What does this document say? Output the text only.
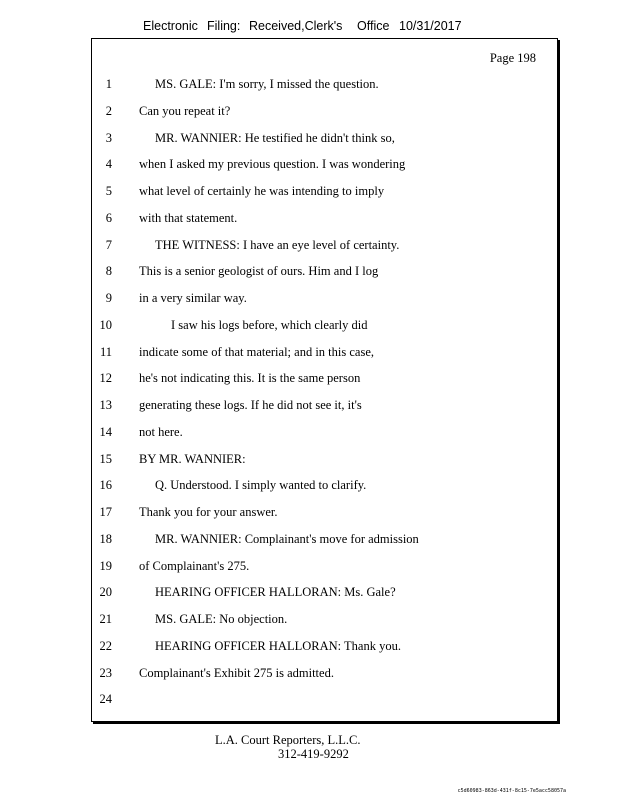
Electronic Filing: Received,Clerk's Office 10/31/2017
Page 198
1	MS. GALE: I'm sorry, I missed the question.
2 Can you repeat it?
3	MR. WANNIER: He testified he didn't think so,
4 when I asked my previous question. I was wondering
5 what level of certainly he was intending to imply
6 with that statement.
7	THE WITNESS: I have an eye level of certainty.
8 This is a senior geologist of ours. Him and I log
9 in a very similar way.
10	I saw his logs before, which clearly did
11 indicate some of that material; and in this case,
12 he's not indicating this. It is the same person
13 generating these logs. If he did not see it, it's
14 not here.
15 BY MR. WANNIER:
16	Q. Understood. I simply wanted to clarify.
17 Thank you for your answer.
18	MR. WANNIER: Complainant's move for admission
19 of Complainant's 275.
20	HEARING OFFICER HALLORAN: Ms. Gale?
21	MS. GALE: No objection.
22	HEARING OFFICER HALLORAN: Thank you.
23 Complainant's Exhibit 275 is admitted.
24
L.A. Court Reporters, L.L.C.
312-419-9292
c5d60983-863d-431f-8c15-7e5acc58057a
